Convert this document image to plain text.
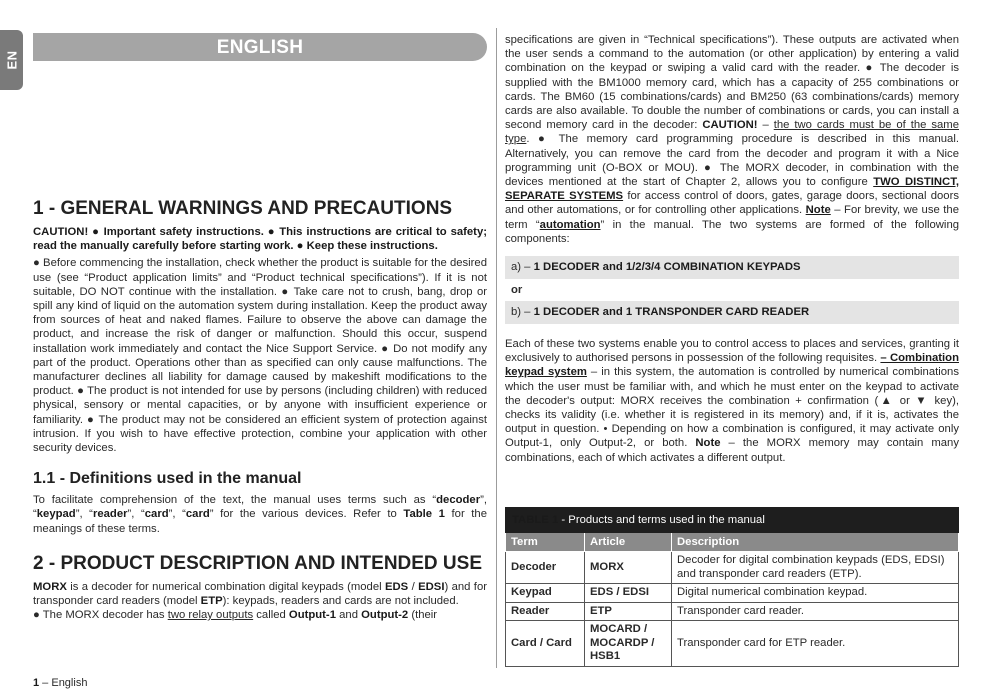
EN
ENGLISH
1 - GENERAL WARNINGS AND PRECAUTIONS

CAUTION! ● Important safety instructions. ● This instructions are critical to safety; read the manually carefully before starting work. ● Keep these instructions.

● Before commencing the installation, check whether the product is suitable for the desired use (see “Product application limits” and “Product technical specifications”). If it is not suitable, DO NOT continue with the installation. ● Take care not to crush, bang, drop or spill any kind of liquid on the automation system during installation. Keep the product away from sources of heat and naked flames. Failure to observe the above can damage the product, and increase the risk of danger or malfunction. Should this occur, suspend installation work immediately and contact the Nice Support Service. ● Do not modify any part of the product. Operations other than as specified can only cause malfunctions. The manufacturer declines all liability for damage caused by makeshift modifications to the product. ● The product is not intended for use by persons (including children) with reduced physical, sensory or mental capacities, or by anyone with insufficient experience or familiarity. ● The product may not be considered an efficient system of protection against intrusion. If you wish to have effective protection, combine your application with other security devices.

1.1 - Definitions used in the manual

To facilitate comprehension of the text, the manual uses terms such as “decoder”, “keypad”, “reader”, “card”, “card” for the various devices. Refer to Table 1 for the meanings of these terms.

2 - PRODUCT DESCRIPTION AND INTENDED USE

MORX is a decoder for numerical combination digital keypads (model EDS / EDSI) and for transponder card readers (model ETP): keypads, readers and cards are not included.

● The MORX decoder has two relay outputs called Output-1 and Output-2 (their

specifications are given in “Technical specifications”). These outputs are activated when the user sends a command to the automation (or other application) by entering a valid combination on the keypad or swiping a valid card with the reader. ● The decoder is supplied with the BM1000 memory card, which has a capacity of 255 combinations or cards. The BM60 (15 combinations/cards) and BM250 (63 combinations/cards) memory cards are also available. To double the number of combinations or cards, you can install a second memory card in the decoder: CAUTION! – the two cards must be of the same type. ● The memory card programming procedure is described in this manual. Alternatively, you can remove the card from the decoder and program it with a Nice programming unit (O-BOX or MOU). ● The MORX decoder, in combination with the devices mentioned at the start of Chapter 2, allows you to configure TWO DISTINCT, SEPARATE SYSTEMS for access control of doors, gates, garage doors, sectional doors and other automations, or for controlling other applications. Note – For brevity, we use the term “automation” in the manual. The two systems are formed of the following components:

a) – 1 DECODER and 1/2/3/4 COMBINATION KEYPADS
or
b) – 1 DECODER and 1 TRANSPONDER CARD READER

Each of these two systems enable you to control access to places and services, granting it exclusively to authorised persons in possession of the following requisites. – Combination keypad system – in this system, the automation is controlled by numerical combinations which the user must be familiar with, and which he must enter on the keypad to activate the decoder's output: MORX receives the combination + confirmation (▲ or ▼ key), checks its validity (i.e. whether it is registered in its memory) and, if it is, activates the output in question. • Depending on how a combination is configured, it may activate only Output-1, only Output-2, or both. Note – the MORX memory may contain many combinations, each of which activates a different output.

TABLE 1 - Products and terms used in the manual		
Term	Article	Description
Decoder	MORX	Decoder for digital combination keypads (EDS, EDSI) and transponder card readers (ETP).
Keypad	EDS / EDSI	Digital numerical combination keypad.
Reader	ETP	Transponder card reader.
Card / Card	MOCARD / MOCARDP / HSB1	Transponder card for ETP reader.
1 – English
